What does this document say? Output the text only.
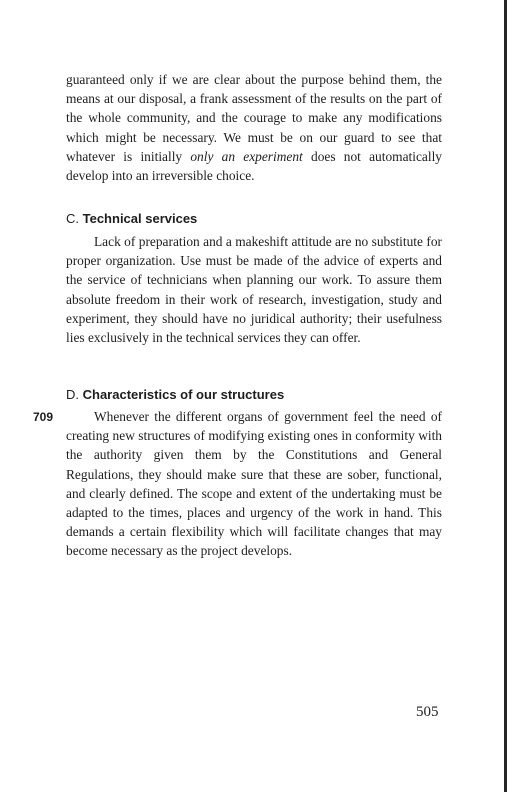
guaranteed only if we are clear about the purpose behind them, the means at our disposal, a frank assessment of the results on the part of the whole community, and the courage to make any modifications which might be necessary. We must be on our guard to see that whatever is initially only an experiment does not automatically develop into an irreversible choice.

C. Technical services

Lack of preparation and a makeshift attitude are no substitute for proper organization. Use must be made of the advice of experts and the service of technicians when planning our work. To assure them absolute freedom in their work of research, investigation, study and experiment, they should have no juridical authority; their usefulness lies exclusively in the technical services they can offer.

D. Characteristics of our structures
709	Whenever the different organs of government feel the need of creating new structures of modifying existing ones in conformity with the authority given them by the Constitutions and General Regulations, they should make sure that these are sober, functional, and clearly defined. The scope and extent of the undertaking must be adapted to the times, places and urgency of the work in hand. This demands a certain flexibility which will facilitate changes that may become necessary as the project develops.

505
